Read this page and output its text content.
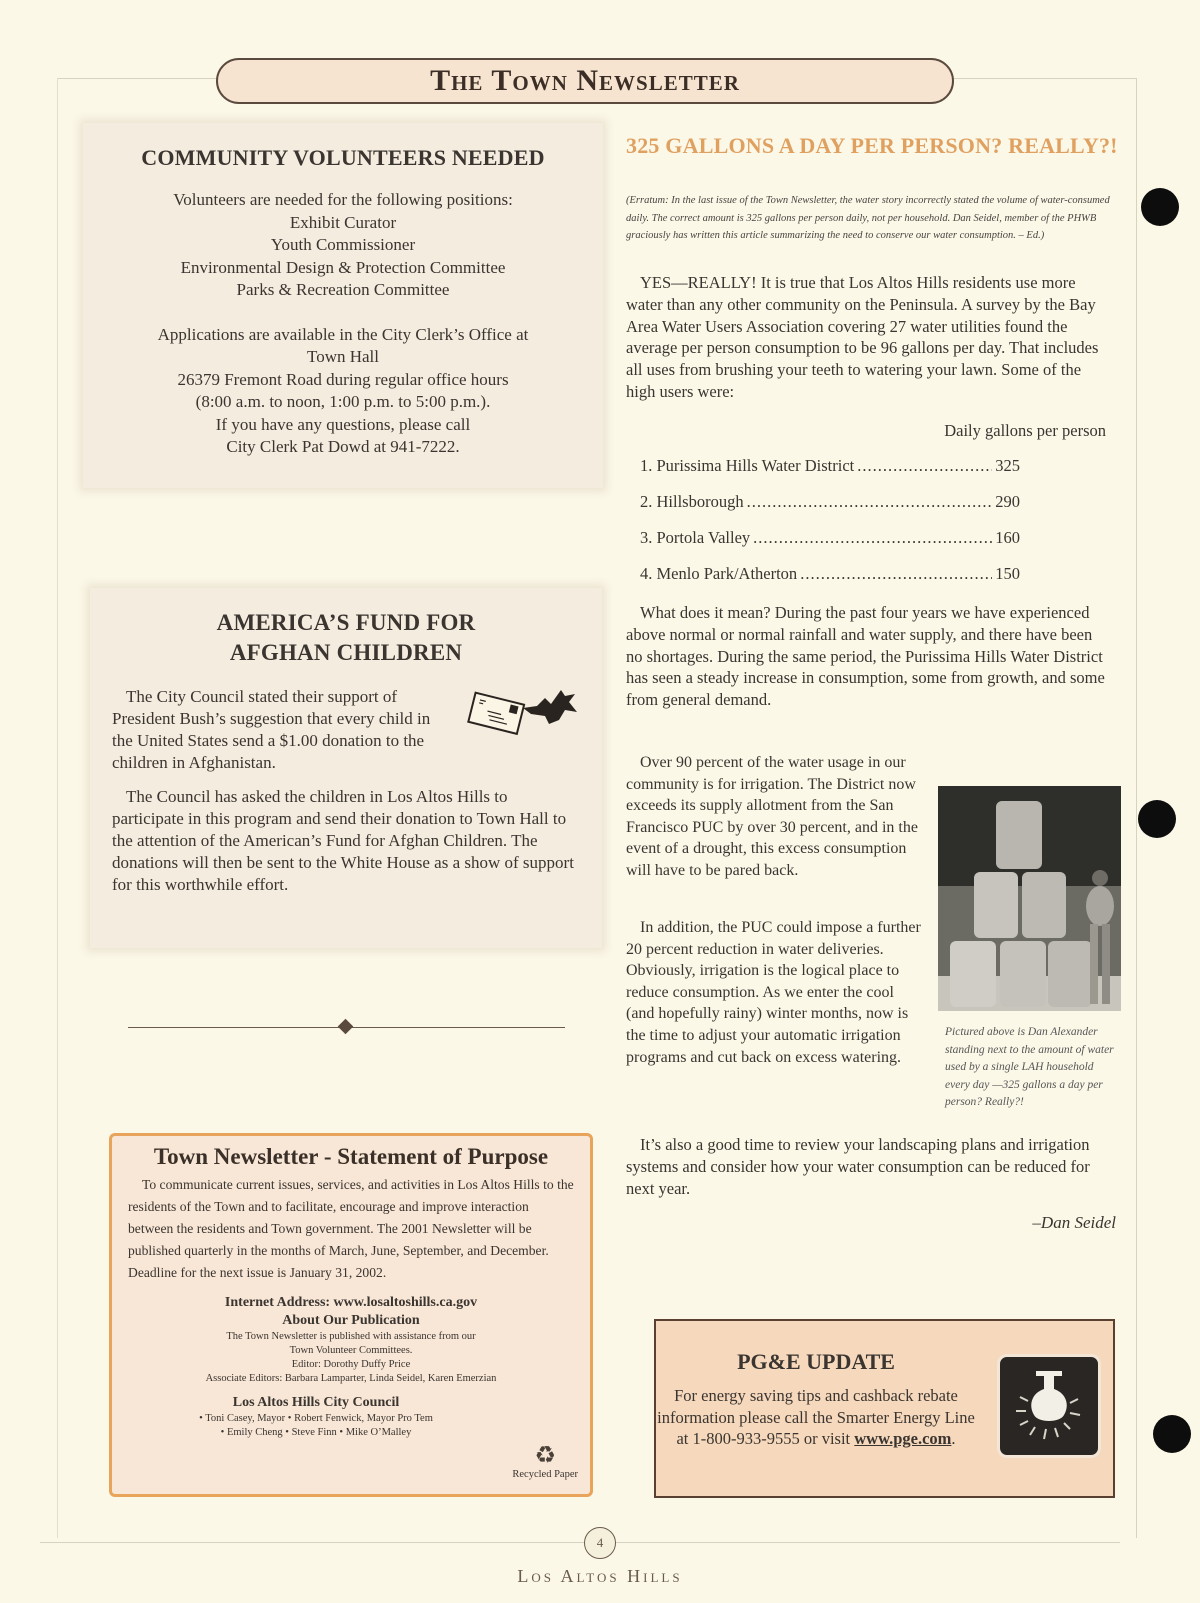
The Town Newsletter
COMMUNITY VOLUNTEERS NEEDED
Volunteers are needed for the following positions:
Exhibit Curator
Youth Commissioner
Environmental Design & Protection Committee
Parks & Recreation Committee
Applications are available in the City Clerk’s Office at
Town Hall
26379 Fremont Road during regular office hours
(8:00 a.m. to noon, 1:00 p.m. to 5:00 p.m.).
If you have any questions, please call
City Clerk Pat Dowd at 941-7222.
AMERICA’S FUND FOR
AFGHAN CHILDREN
The City Council stated their support of President Bush’s suggestion that every child in the United States send a $1.00 donation to the children in Afghanistan.
The Council has asked the children in Los Altos Hills to participate in this program and send their donation to Town Hall to the attention of the American’s Fund for Afghan Children. The donations will then be sent to the White House as a show of support for this worthwhile effort.
Town Newsletter - Statement of Purpose
To communicate current issues, services, and activities in Los Altos Hills to the residents of the Town and to facilitate, encourage and improve interaction between the residents and Town government. The 2001 Newsletter will be published quarterly in the months of March, June, September, and December. Deadline for the next issue is January 31, 2002.
Internet Address: www.losaltoshills.ca.gov
About Our Publication
The Town Newsletter is published with assistance from our
Town Volunteer Committees.
Editor: Dorothy Duffy Price
Associate Editors: Barbara Lamparter, Linda Seidel, Karen Emerzian
Los Altos Hills City Council
• Toni Casey, Mayor • Robert Fenwick, Mayor Pro Tem
• Emily Cheng • Steve Finn • Mike O’Malley
♻
Recycled Paper
325 GALLONS A DAY PER PERSON? REALLY?!
(Erratum: In the last issue of the Town Newsletter, the water story incorrectly stated the volume of water-consumed daily. The correct amount is 325 gallons per person daily, not per household. Dan Seidel, member of the PHWB graciously has written this article summarizing the need to conserve our water consumption. – Ed.)

YES—REALLY! It is true that Los Altos Hills residents use more water than any other community on the Peninsula. A survey by the Bay Area Water Users Association covering 27 water utilities found the average per person consumption to be 96 gallons per day. That includes all uses from brushing your teeth to watering your lawn. Some of the high users were:

Daily gallons per person
1. Purissima Hills Water District .....	325
2. Hillsborough .....	290
3. Portola Valley .....	160
4. Menlo Park/Atherton .....	150

What does it mean? During the past four years we have experienced above normal or normal rainfall and water supply, and there have been no shortages. During the same period, the Purissima Hills Water District has seen a steady increase in consumption, some from growth, and some from general demand.

Over 90 percent of the water usage in our community is for irrigation. The District now exceeds its supply allotment from the San Francisco PUC by over 30 percent, and in the event of a drought, this excess consumption will have to be pared back.

In addition, the PUC could impose a further 20 percent reduction in water deliveries. Obviously, irrigation is the logical place to reduce consumption. As we enter the cool (and hopefully rainy) winter months, now is the time to adjust your automatic irrigation programs and cut back on excess watering.

It’s also a good time to review your landscaping plans and irrigation systems and consider how your water consumption can be reduced for next year.

–Dan Seidel
Pictured above is Dan Alexander standing next to the amount of water used by a single LAH household every day —325 gallons a day per person? Really?!
PG&E UPDATE
For energy saving tips and cashback rebate information please call the Smarter Energy Line at 1-800-933-9555 or visit www.pge.com.
4
Los Altos Hills
